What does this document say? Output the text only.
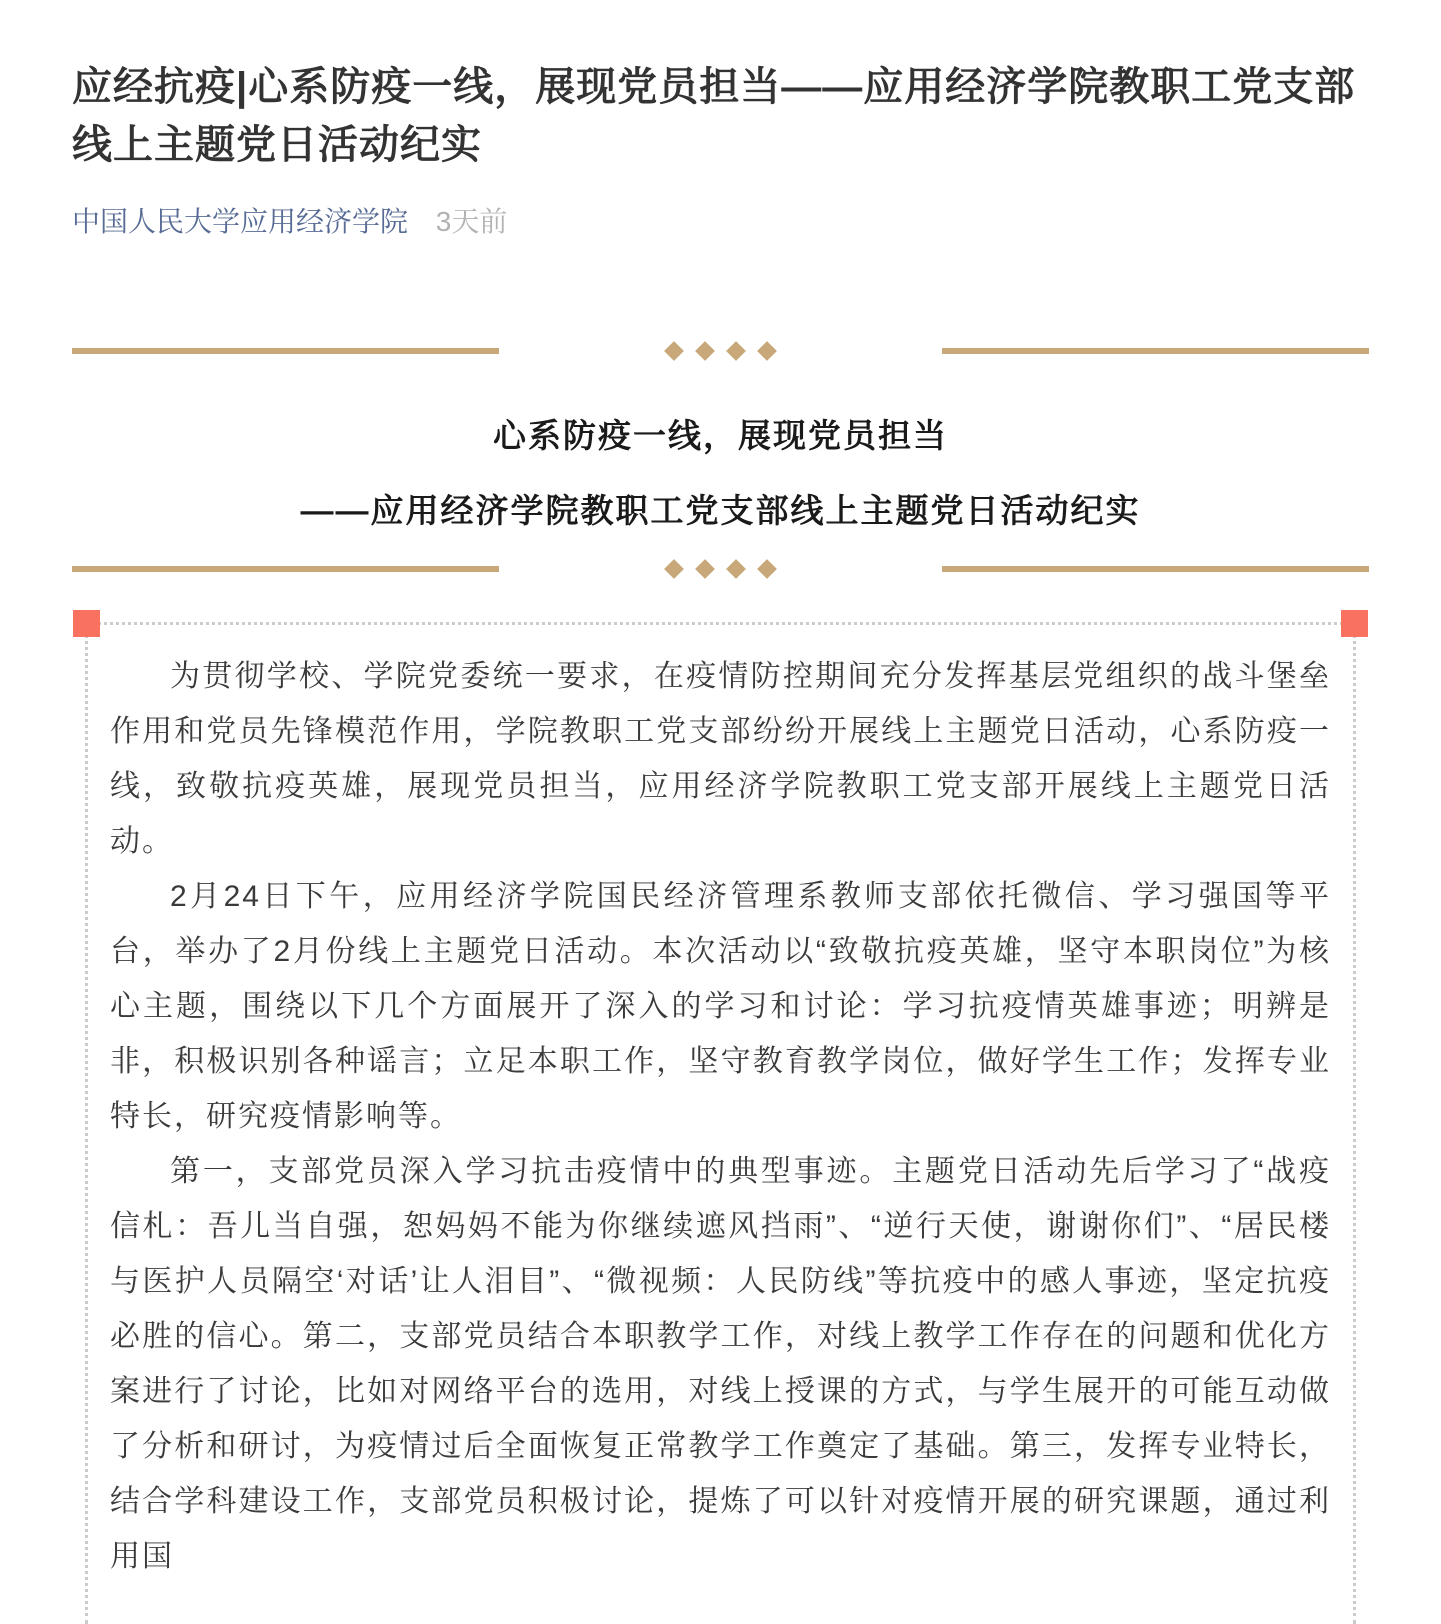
应经抗疫|心系防疫一线，展现党员担当——应用经济学院教职工党支部线上主题党日活动纪实
中国人民大学应用经济学院 3天前

心系防疫一线，展现党员担当

——应用经济学院教职工党支部线上主题党日活动纪实

为贯彻学校、学院党委统一要求，在疫情防控期间充分发挥基层党组织的战斗堡垒作用和党员先锋模范作用，学院教职工党支部纷纷开展线上主题党日活动，心系防疫一线，致敬抗疫英雄，展现党员担当，应用经济学院教职工党支部开展线上主题党日活动。

2月24日下午，应用经济学院国民经济管理系教师支部依托微信、学习强国等平台，举办了2月份线上主题党日活动。本次活动以“致敬抗疫英雄，坚守本职岗位”为核心主题，围绕以下几个方面展开了深入的学习和讨论：学习抗疫情英雄事迹；明辨是非，积极识别各种谣言；立足本职工作，坚守教育教学岗位，做好学生工作；发挥专业特长，研究疫情影响等。

第一，支部党员深入学习抗击疫情中的典型事迹。主题党日活动先后学习了“战疫信札：吾儿当自强，恕妈妈不能为你继续遮风挡雨”、“逆行天使，谢谢你们”、“居民楼与医护人员隔空‘对话’让人泪目”、“微视频：人民防线”等抗疫中的感人事迹，坚定抗疫必胜的信心。第二，支部党员结合本职教学工作，对线上教学工作存在的问题和优化方案进行了讨论，比如对网络平台的选用，对线上授课的方式，与学生展开的可能互动做了分析和研讨，为疫情过后全面恢复正常教学工作奠定了基础。第三，发挥专业特长，结合学科建设工作，支部党员积极讨论，提炼了可以针对疫情开展的研究课题，通过利用国
